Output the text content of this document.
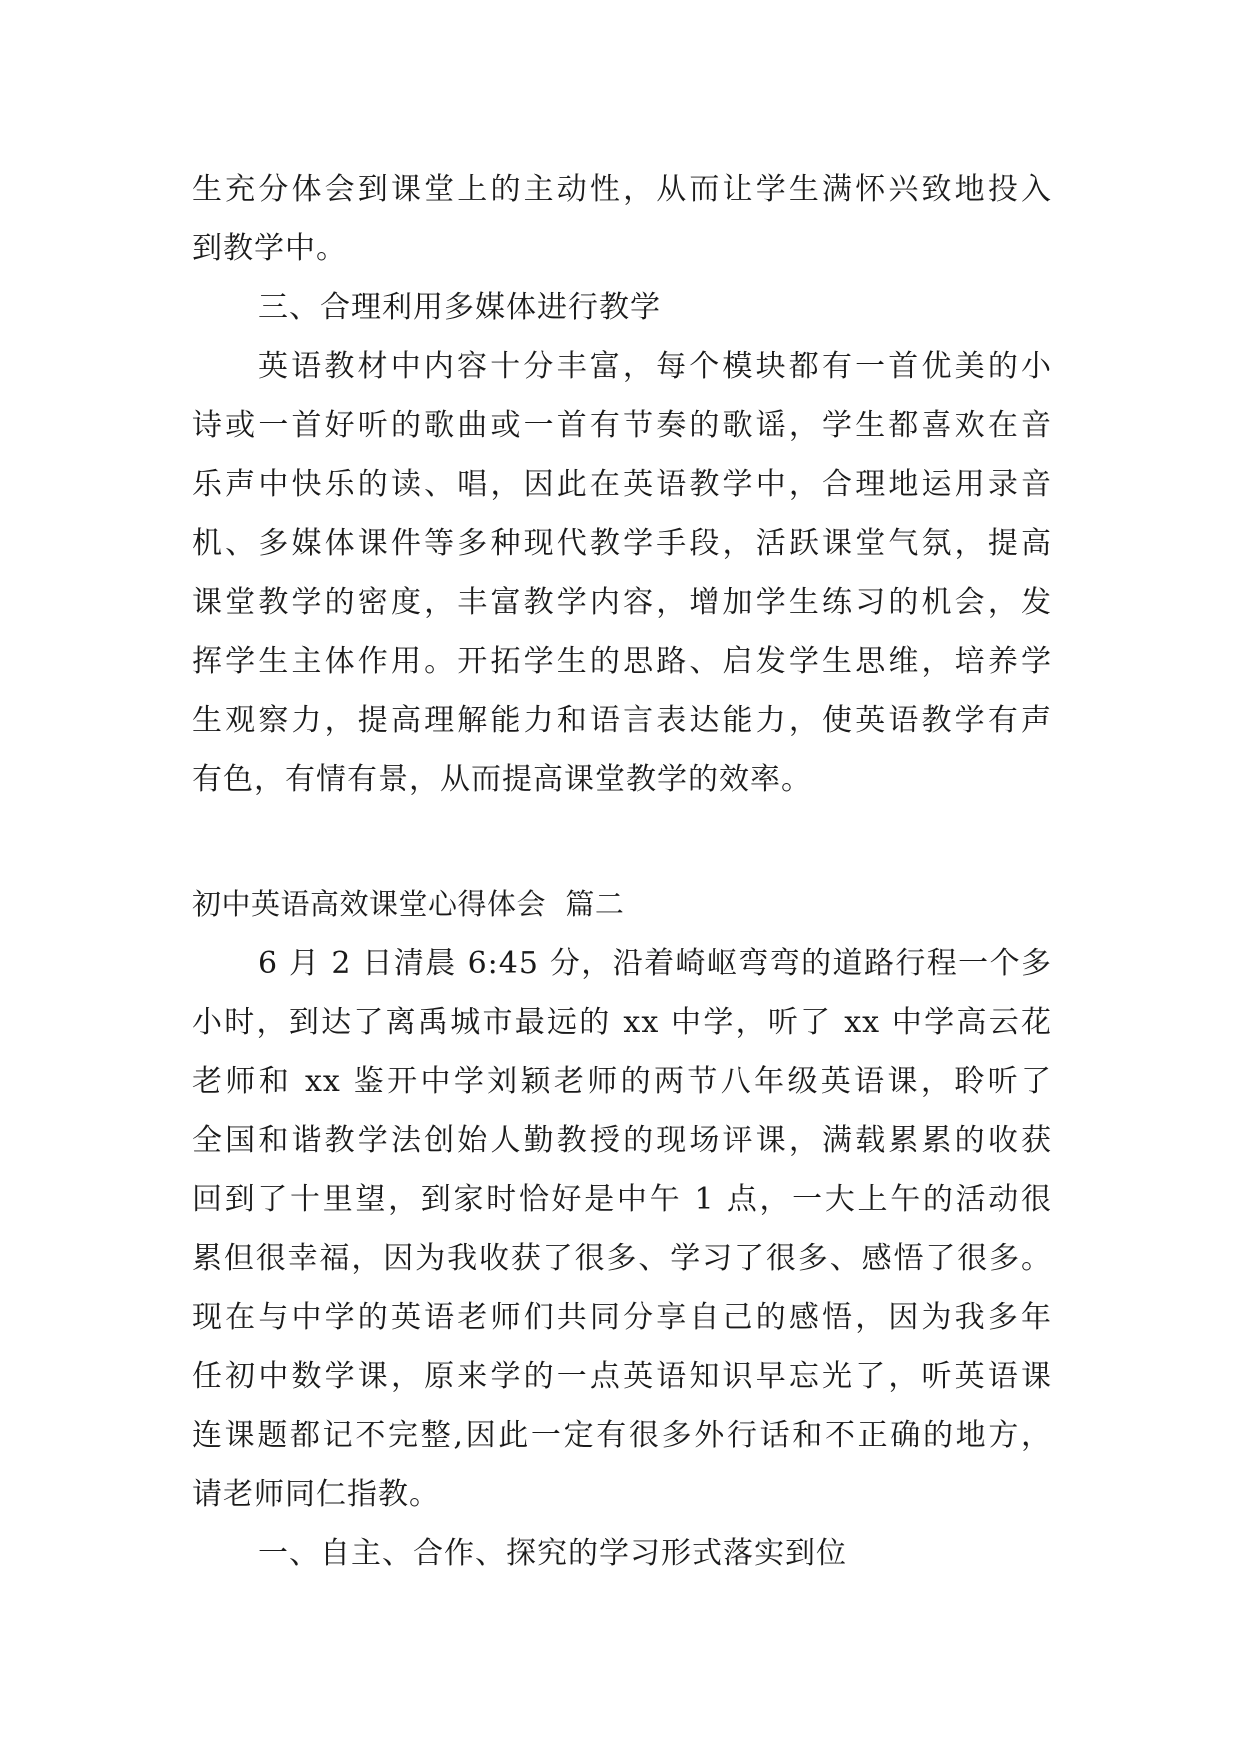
生充分体会到课堂上的主动性，从而让学生满怀兴致地投入
到教学中。
三、合理利用多媒体进行教学
英语教材中内容十分丰富，每个模块都有一首优美的小
诗或一首好听的歌曲或一首有节奏的歌谣，学生都喜欢在音
乐声中快乐的读、唱，因此在英语教学中，合理地运用录音
机、多媒体课件等多种现代教学手段，活跃课堂气氛，提高
课堂教学的密度，丰富教学内容，增加学生练习的机会，发
挥学生主体作用。开拓学生的思路、启发学生思维，培养学
生观察力，提高理解能力和语言表达能力，使英语教学有声
有色，有情有景，从而提高课堂教学的效率。
初中英语高效课堂心得体会  篇二
6 月 2 日清晨 6:45 分，沿着崎岖弯弯的道路行程一个多
小时，到达了离禹城市最远的 xx 中学，听了 xx 中学高云花
老师和 xx 鉴开中学刘颖老师的两节八年级英语课，聆听了
全国和谐教学法创始人勤教授的现场评课，满载累累的收获
回到了十里望，到家时恰好是中午 1 点，一大上午的活动很
累但很幸福，因为我收获了很多、学习了很多、感悟了很多。
现在与中学的英语老师们共同分享自己的感悟，因为我多年
任初中数学课，原来学的一点英语知识早忘光了，听英语课
连课题都记不完整,因此一定有很多外行话和不正确的地方，
请老师同仁指教。
一、自主、合作、探究的学习形式落实到位
